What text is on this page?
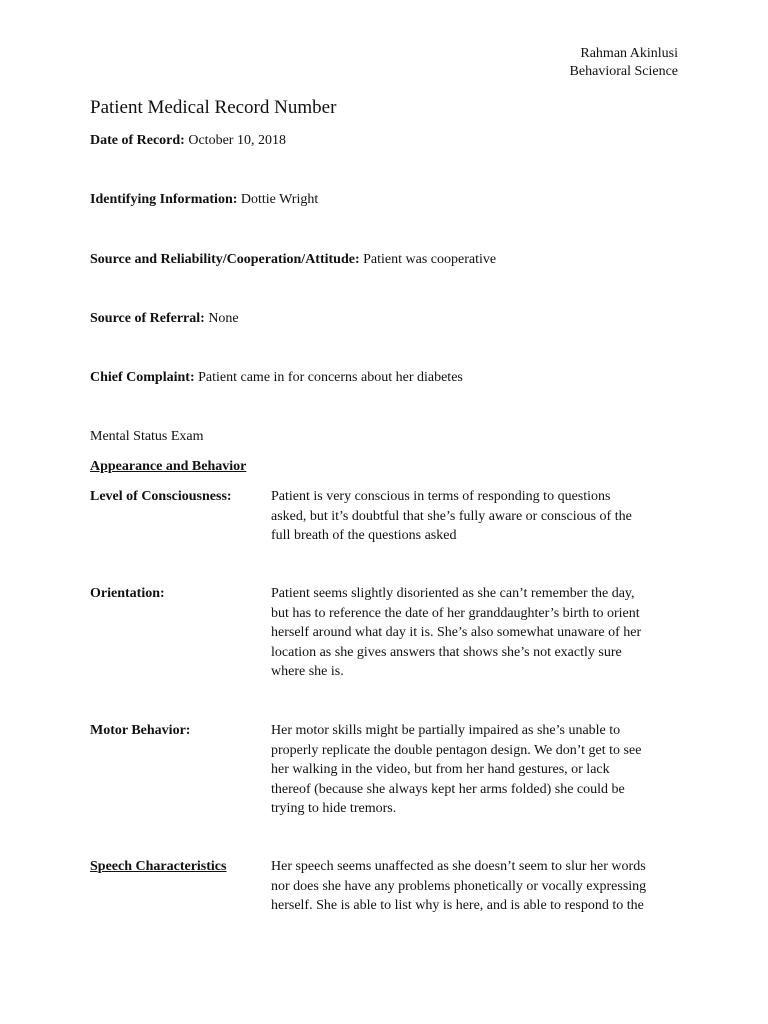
Rahman Akinlusi
Behavioral Science
Patient Medical Record Number
Date of Record: October 10, 2018
Identifying Information: Dottie Wright
Source and Reliability/Cooperation/Attitude: Patient was cooperative
Source of Referral: None
Chief Complaint: Patient came in for concerns about her diabetes
Mental Status Exam
Appearance and Behavior
Level of Consciousness:	Patient is very conscious in terms of responding to questions
asked, but it’s doubtful that she’s fully aware or conscious of the
full breath of the questions asked
Orientation:	Patient seems slightly disoriented as she can’t remember the day,
but has to reference the date of her granddaughter’s birth to orient
herself around what day it is. She’s also somewhat unaware of her
location as she gives answers that shows she’s not exactly sure
where she is.
Motor Behavior:	Her motor skills might be partially impaired as she’s unable to
properly replicate the double pentagon design. We don’t get to see
her walking in the video, but from her hand gestures, or lack
thereof (because she always kept her arms folded) she could be
trying to hide tremors.
Speech Characteristics	Her speech seems unaffected as she doesn’t seem to slur her words
nor does she have any problems phonetically or vocally expressing
herself. She is able to list why is here, and is able to respond to the
